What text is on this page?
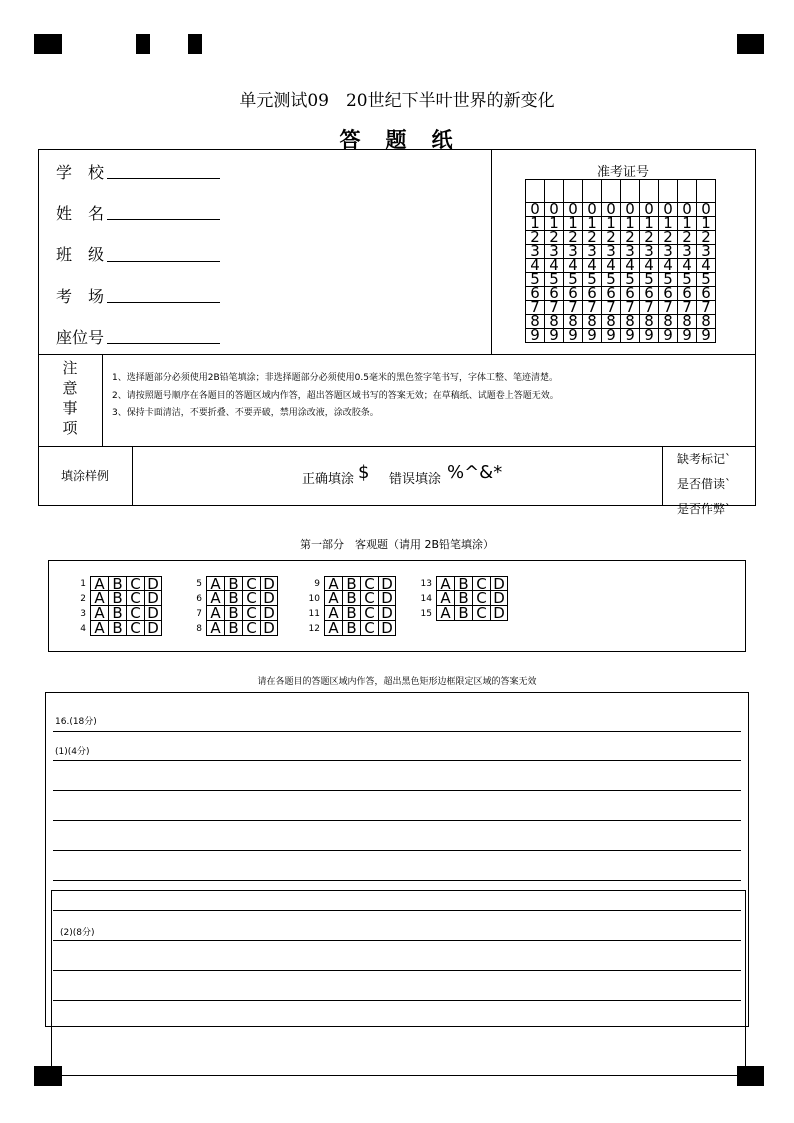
单元测试09　20世纪下半叶世界的新变化
答　题　纸
学　校
姓　名
班　级
考　场
座位号
准考证号

0	0	0	0	0	0	0	0	0	0
1	1	1	1	1	1	1	1	1	1
2	2	2	2	2	2	2	2	2	2
3	3	3	3	3	3	3	3	3	3
4	4	4	4	4	4	4	4	4	4
5	5	5	5	5	5	5	5	5	5
6	6	6	6	6	6	6	6	6	6
7	7	7	7	7	7	7	7	7	7
8	8	8	8	8	8	8	8	8	8
9	9	9	9	9	9	9	9	9	9
注
意
事
项
1、选择题部分必须使用2B铅笔填涂；非选择题部分必须使用0.5毫米的黑色签字笔书写，字体工整、笔迹清楚。
2、请按照题号顺序在各题目的答题区域内作答，超出答题区域书写的答案无效；在草稿纸、试题卷上答题无效。
3、保持卡面清洁，不要折叠、不要弄破，禁用涂改液，涂改胶条。
填涂样例	正确填涂 $ 错误填涂 %^&*
缺考标记`
是否借读`
是否作弊`
第一部分　客观题（请用 2B铅笔填涂）
1 A B C D
2 A B C D
3 A B C D
4 A B C D
5 A B C D
6 A B C D
7 A B C D
8 A B C D
9 A B C D
10 A B C D
11 A B C D
12 A B C D
13 A B C D
14 A B C D
15 A B C D
请在各题目的答题区域内作答，超出黑色矩形边框限定区域的答案无效
16.(18分)
(1)(4分)
(2)(8分)
